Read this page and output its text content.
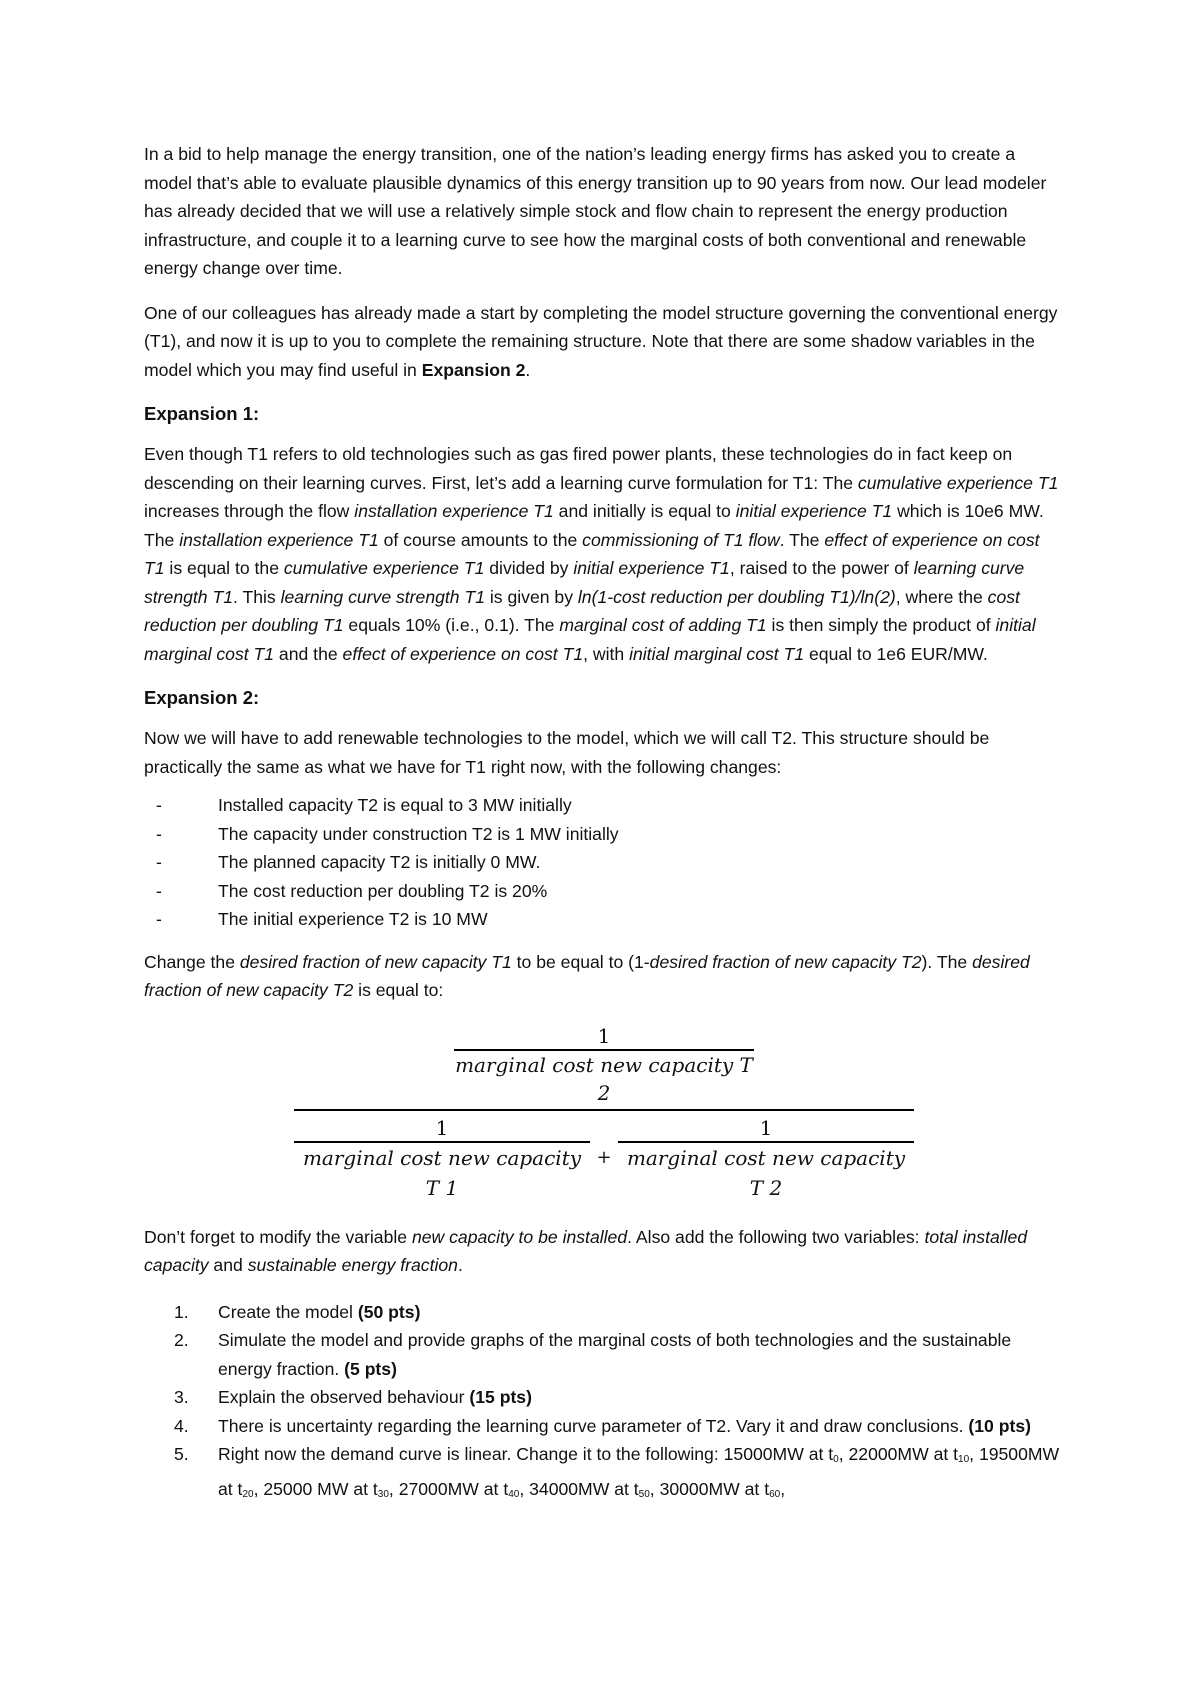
In a bid to help manage the energy transition, one of the nation’s leading energy firms has asked you to create a model that’s able to evaluate plausible dynamics of this energy transition up to 90 years from now. Our lead modeler has already decided that we will use a relatively simple stock and flow chain to represent the energy production infrastructure, and couple it to a learning curve to see how the marginal costs of both conventional and renewable energy change over time.

One of our colleagues has already made a start by completing the model structure governing the conventional energy (T1), and now it is up to you to complete the remaining structure. Note that there are some shadow variables in the model which you may find useful in Expansion 2.

Expansion 1:

Even though T1 refers to old technologies such as gas fired power plants, these technologies do in fact keep on descending on their learning curves. First, let’s add a learning curve formulation for T1: The cumulative experience T1 increases through the flow installation experience T1 and initially is equal to initial experience T1 which is 10e6 MW. The installation experience T1 of course amounts to the commissioning of T1 flow. The effect of experience on cost T1 is equal to the cumulative experience T1 divided by initial experience T1, raised to the power of learning curve strength T1. This learning curve strength T1 is given by ln(1-cost reduction per doubling T1)/ln(2), where the cost reduction per doubling T1 equals 10% (i.e., 0.1). The marginal cost of adding T1 is then simply the product of initial marginal cost T1 and the effect of experience on cost T1, with initial marginal cost T1 equal to 1e6 EUR/MW.

Expansion 2:

Now we will have to add renewable technologies to the model, which we will call T2. This structure should be practically the same as what we have for T1 right now, with the following changes:

- Installed capacity T2 is equal to 3 MW initially
- The capacity under construction T2 is 1 MW initially
- The planned capacity T2 is initially 0 MW.
- The cost reduction per doubling T2 is 20%
- The initial experience T2 is 10 MW

Change the desired fraction of new capacity T1 to be equal to (1-desired fraction of new capacity T2). The desired fraction of new capacity T2 is equal to:

1
marginal cost new capacity T 2
1
marginal cost new capacity T 1
+
1
marginal cost new capacity T 2

Don’t forget to modify the variable new capacity to be installed. Also add the following two variables: total installed capacity and sustainable energy fraction.

1. Create the model (50 pts)
2. Simulate the model and provide graphs of the marginal costs of both technologies and the sustainable energy fraction. (5 pts)
3. Explain the observed behaviour (15 pts)
4. There is uncertainty regarding the learning curve parameter of T2. Vary it and draw conclusions. (10 pts)
5. Right now the demand curve is linear. Change it to the following: 15000MW at $t_0$, 22000MW at $t_{10}$, 19500MW at $t_{20}$, 25000 MW at $t_{30}$, 27000MW at $t_{40}$, 34000MW at $t_{50}$, 30000MW at $t_{60}$,
